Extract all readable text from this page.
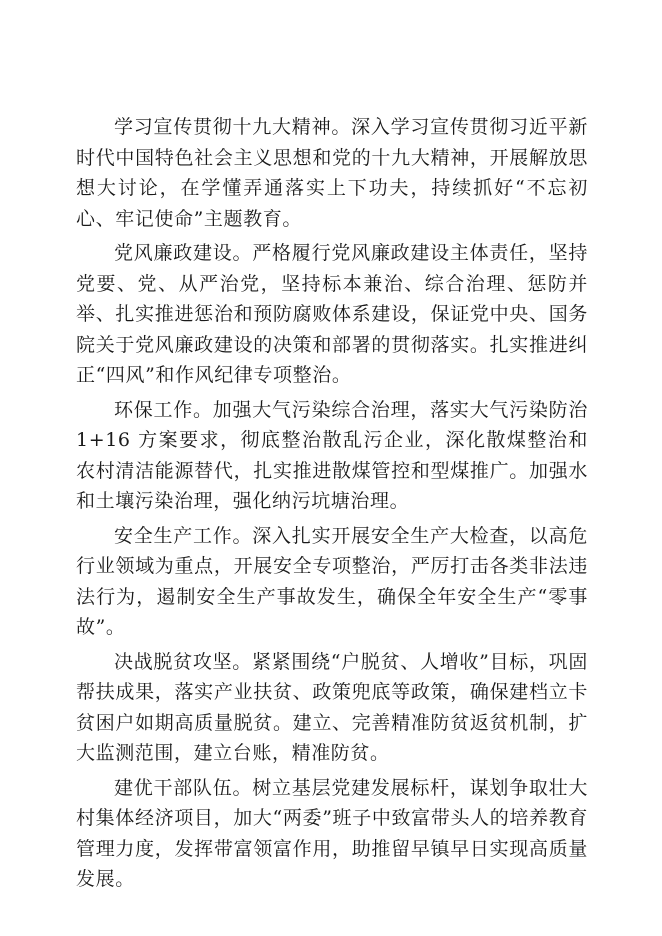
学习宣传贯彻十九大精神。深入学习宣传贯彻习近平新时代中国特色社会主义思想和党的十九大精神，开展解放思想大讨论，在学懂弄通落实上下功夫，持续抓好“不忘初心、牢记使命”主题教育。

党风廉政建设。严格履行党风廉政建设主体责任，坚持党要、党、从严治党，坚持标本兼治、综合治理、惩防并举、扎实推进惩治和预防腐败体系建设，保证党中央、国务院关于党风廉政建设的决策和部署的贯彻落实。扎实推进纠正“四风”和作风纪律专项整治。

环保工作。加强大气污染综合治理，落实大气污染防治 1+16 方案要求，彻底整治散乱污企业，深化散煤整治和农村清洁能源替代，扎实推进散煤管控和型煤推广。加强水和土壤污染治理，强化纳污坑塘治理。

安全生产工作。深入扎实开展安全生产大检查，以高危行业领域为重点，开展安全专项整治，严厉打击各类非法违法行为，遏制安全生产事故发生，确保全年安全生产“零事故”。

决战脱贫攻坚。紧紧围绕“户脱贫、人增收”目标，巩固帮扶成果，落实产业扶贫、政策兜底等政策，确保建档立卡贫困户如期高质量脱贫。建立、完善精准防贫返贫机制，扩大监测范围，建立台账，精准防贫。

建优干部队伍。树立基层党建发展标杆，谋划争取壮大村集体经济项目，加大“两委”班子中致富带头人的培养教育管理力度，发挥带富领富作用，助推留早镇早日实现高质量发展。
